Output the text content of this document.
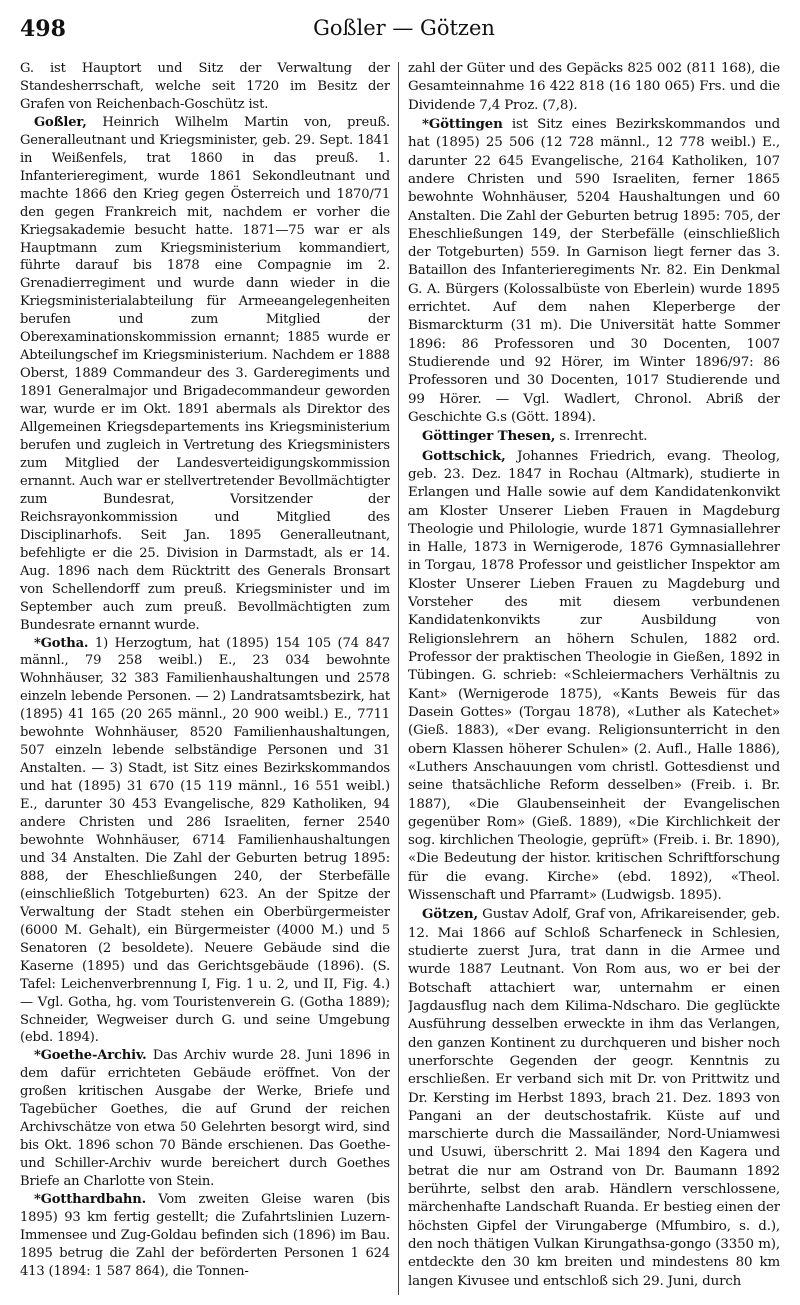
498	Goßler — Götzen

G. ist Hauptort und Sitz der Verwaltung der Standesherrschaft, welche seit 1720 im Besitz der Grafen von Reichenbach-Goschütz ist.

Goßler, Heinrich Wilhelm Martin von, preuß. Generalleutnant und Kriegsminister, geb. 29. Sept. 1841 in Weißenfels, trat 1860 in das preuß. 1. Infanterieregiment, wurde 1861 Sekondleutnant und machte 1866 den Krieg gegen Österreich und 1870/71 den gegen Frankreich mit, nachdem er vorher die Kriegsakademie besucht hatte. 1871—75 war er als Hauptmann zum Kriegsministerium kommandiert, führte darauf bis 1878 eine Compagnie im 2. Grenadierregiment und wurde dann wieder in die Kriegsministerialabteilung für Armeeangelegenheiten berufen und zum Mitglied der Oberexaminationskommission ernannt; 1885 wurde er Abteilungschef im Kriegsministerium. Nachdem er 1888 Oberst, 1889 Commandeur des 3. Garderegiments und 1891 Generalmajor und Brigadecommandeur geworden war, wurde er im Okt. 1891 abermals als Direktor des Allgemeinen Kriegsdepartements ins Kriegsministerium berufen und zugleich in Vertretung des Kriegsministers zum Mitglied der Landesverteidigungskommission ernannt. Auch war er stellvertretender Bevollmächtigter zum Bundesrat, Vorsitzender der Reichsrayonkommission und Mitglied des Disciplinarhofs. Seit Jan. 1895 Generalleutnant, befehligte er die 25. Division in Darmstadt, als er 14. Aug. 1896 nach dem Rücktritt des Generals Bronsart von Schellendorff zum preuß. Kriegsminister und im September auch zum preuß. Bevollmächtigten zum Bundesrate ernannt wurde.

*Gotha. 1) Herzogtum, hat (1895) 154 105 (74 847 männl., 79 258 weibl.) E., 23 034 bewohnte Wohnhäuser, 32 383 Familienhaushaltungen und 2578 einzeln lebende Personen. — 2) Landratsamtsbezirk, hat (1895) 41 165 (20 265 männl., 20 900 weibl.) E., 7711 bewohnte Wohnhäuser, 8520 Familienhaushaltungen, 507 einzeln lebende selbständige Personen und 31 Anstalten. — 3) Stadt, ist Sitz eines Bezirkskommandos und hat (1895) 31 670 (15 119 männl., 16 551 weibl.) E., darunter 30 453 Evangelische, 829 Katholiken, 94 andere Christen und 286 Israeliten, ferner 2540 bewohnte Wohnhäuser, 6714 Familienhaushaltungen und 34 Anstalten. Die Zahl der Geburten betrug 1895: 888, der Eheschließungen 240, der Sterbefälle (einschließlich Totgeburten) 623. An der Spitze der Verwaltung der Stadt stehen ein Oberbürgermeister (6000 M. Gehalt), ein Bürgermeister (4000 M.) und 5 Senatoren (2 besoldete). Neuere Gebäude sind die Kaserne (1895) und das Gerichtsgebäude (1896). (S. Tafel: Leichenverbrennung I, Fig. 1 u. 2, und II, Fig. 4.) — Vgl. Gotha, hg. vom Touristenverein G. (Gotha 1889); Schneider, Wegweiser durch G. und seine Umgebung (ebd. 1894).

*Goethe-Archiv. Das Archiv wurde 28. Juni 1896 in dem dafür errichteten Gebäude eröffnet. Von der großen kritischen Ausgabe der Werke, Briefe und Tagebücher Goethes, die auf Grund der reichen Archivschätze von etwa 50 Gelehrten besorgt wird, sind bis Okt. 1896 schon 70 Bände erschienen. Das Goethe- und Schiller-Archiv wurde bereichert durch Goethes Briefe an Charlotte von Stein.

*Gotthardbahn. Vom zweiten Gleise waren (bis 1895) 93 km fertig gestellt; die Zufahrtslinien Luzern-Immensee und Zug-Goldau befinden sich (1896) im Bau. 1895 betrug die Zahl der beförderten Personen 1 624 413 (1894: 1 587 864), die Tonnen-

zahl der Güter und des Gepäcks 825 002 (811 168), die Gesamteinnahme 16 422 818 (16 180 065) Frs. und die Dividende 7,4 Proz. (7,8).

*Göttingen ist Sitz eines Bezirkskommandos und hat (1895) 25 506 (12 728 männl., 12 778 weibl.) E., darunter 22 645 Evangelische, 2164 Katholiken, 107 andere Christen und 590 Israeliten, ferner 1865 bewohnte Wohnhäuser, 5204 Haushaltungen und 60 Anstalten. Die Zahl der Geburten betrug 1895: 705, der Eheschließungen 149, der Sterbefälle (einschließlich der Totgeburten) 559. In Garnison liegt ferner das 3. Bataillon des Infanterieregiments Nr. 82. Ein Denkmal G. A. Bürgers (Kolossalbüste von Eberlein) wurde 1895 errichtet. Auf dem nahen Kleperberge der Bismarckturm (31 m). Die Universität hatte Sommer 1896: 86 Professoren und 30 Docenten, 1007 Studierende und 92 Hörer, im Winter 1896/97: 86 Professoren und 30 Docenten, 1017 Studierende und 99 Hörer. — Vgl. Wadlert, Chronol. Abriß der Geschichte G.s (Gött. 1894).

Göttinger Thesen, s. Irrenrecht.

Gottschick, Johannes Friedrich, evang. Theolog, geb. 23. Dez. 1847 in Rochau (Altmark), studierte in Erlangen und Halle sowie auf dem Kandidatenkonvikt am Kloster Unserer Lieben Frauen in Magdeburg Theologie und Philologie, wurde 1871 Gymnasiallehrer in Halle, 1873 in Wernigerode, 1876 Gymnasiallehrer in Torgau, 1878 Professor und geistlicher Inspektor am Kloster Unserer Lieben Frauen zu Magdeburg und Vorsteher des mit diesem verbundenen Kandidatenkonvikts zur Ausbildung von Religionslehrern an höhern Schulen, 1882 ord. Professor der praktischen Theologie in Gießen, 1892 in Tübingen. G. schrieb: «Schleiermachers Verhältnis zu Kant» (Wernigerode 1875), «Kants Beweis für das Dasein Gottes» (Torgau 1878), «Luther als Katechet» (Gieß. 1883), «Der evang. Religionsunterricht in den obern Klassen höherer Schulen» (2. Aufl., Halle 1886), «Luthers Anschauungen vom christl. Gottesdienst und seine thatsächliche Reform desselben» (Freib. i. Br. 1887), «Die Glaubenseinheit der Evangelischen gegenüber Rom» (Gieß. 1889), «Die Kirchlichkeit der sog. kirchlichen Theologie, geprüft» (Freib. i. Br. 1890), «Die Bedeutung der histor. kritischen Schriftforschung für die evang. Kirche» (ebd. 1892), «Theol. Wissenschaft und Pfarramt» (Ludwigsb. 1895).

Götzen, Gustav Adolf, Graf von, Afrikareisender, geb. 12. Mai 1866 auf Schloß Scharfeneck in Schlesien, studierte zuerst Jura, trat dann in die Armee und wurde 1887 Leutnant. Von Rom aus, wo er bei der Botschaft attachiert war, unternahm er einen Jagdausflug nach dem Kilima-Ndscharo. Die geglückte Ausführung desselben erweckte in ihm das Verlangen, den ganzen Kontinent zu durchqueren und bisher noch unerforschte Gegenden der geogr. Kenntnis zu erschließen. Er verband sich mit Dr. von Prittwitz und Dr. Kersting im Herbst 1893, brach 21. Dez. 1893 von Pangani an der deutschostafrik. Küste auf und marschierte durch die Massailänder, Nord-Uniamwesi und Usuwi, überschritt 2. Mai 1894 den Kagera und betrat die nur am Ostrand von Dr. Baumann 1892 berührte, selbst den arab. Händlern verschlossene, märchenhafte Landschaft Ruanda. Er bestieg einen der höchsten Gipfel der Virungaberge (Mfumbiro, s. d.), den noch thätigen Vulkan Kirungathsa-gongo (3350 m), entdeckte den 30 km breiten und mindestens 80 km langen Kivusee und entschloß sich 29. Juni, durch
